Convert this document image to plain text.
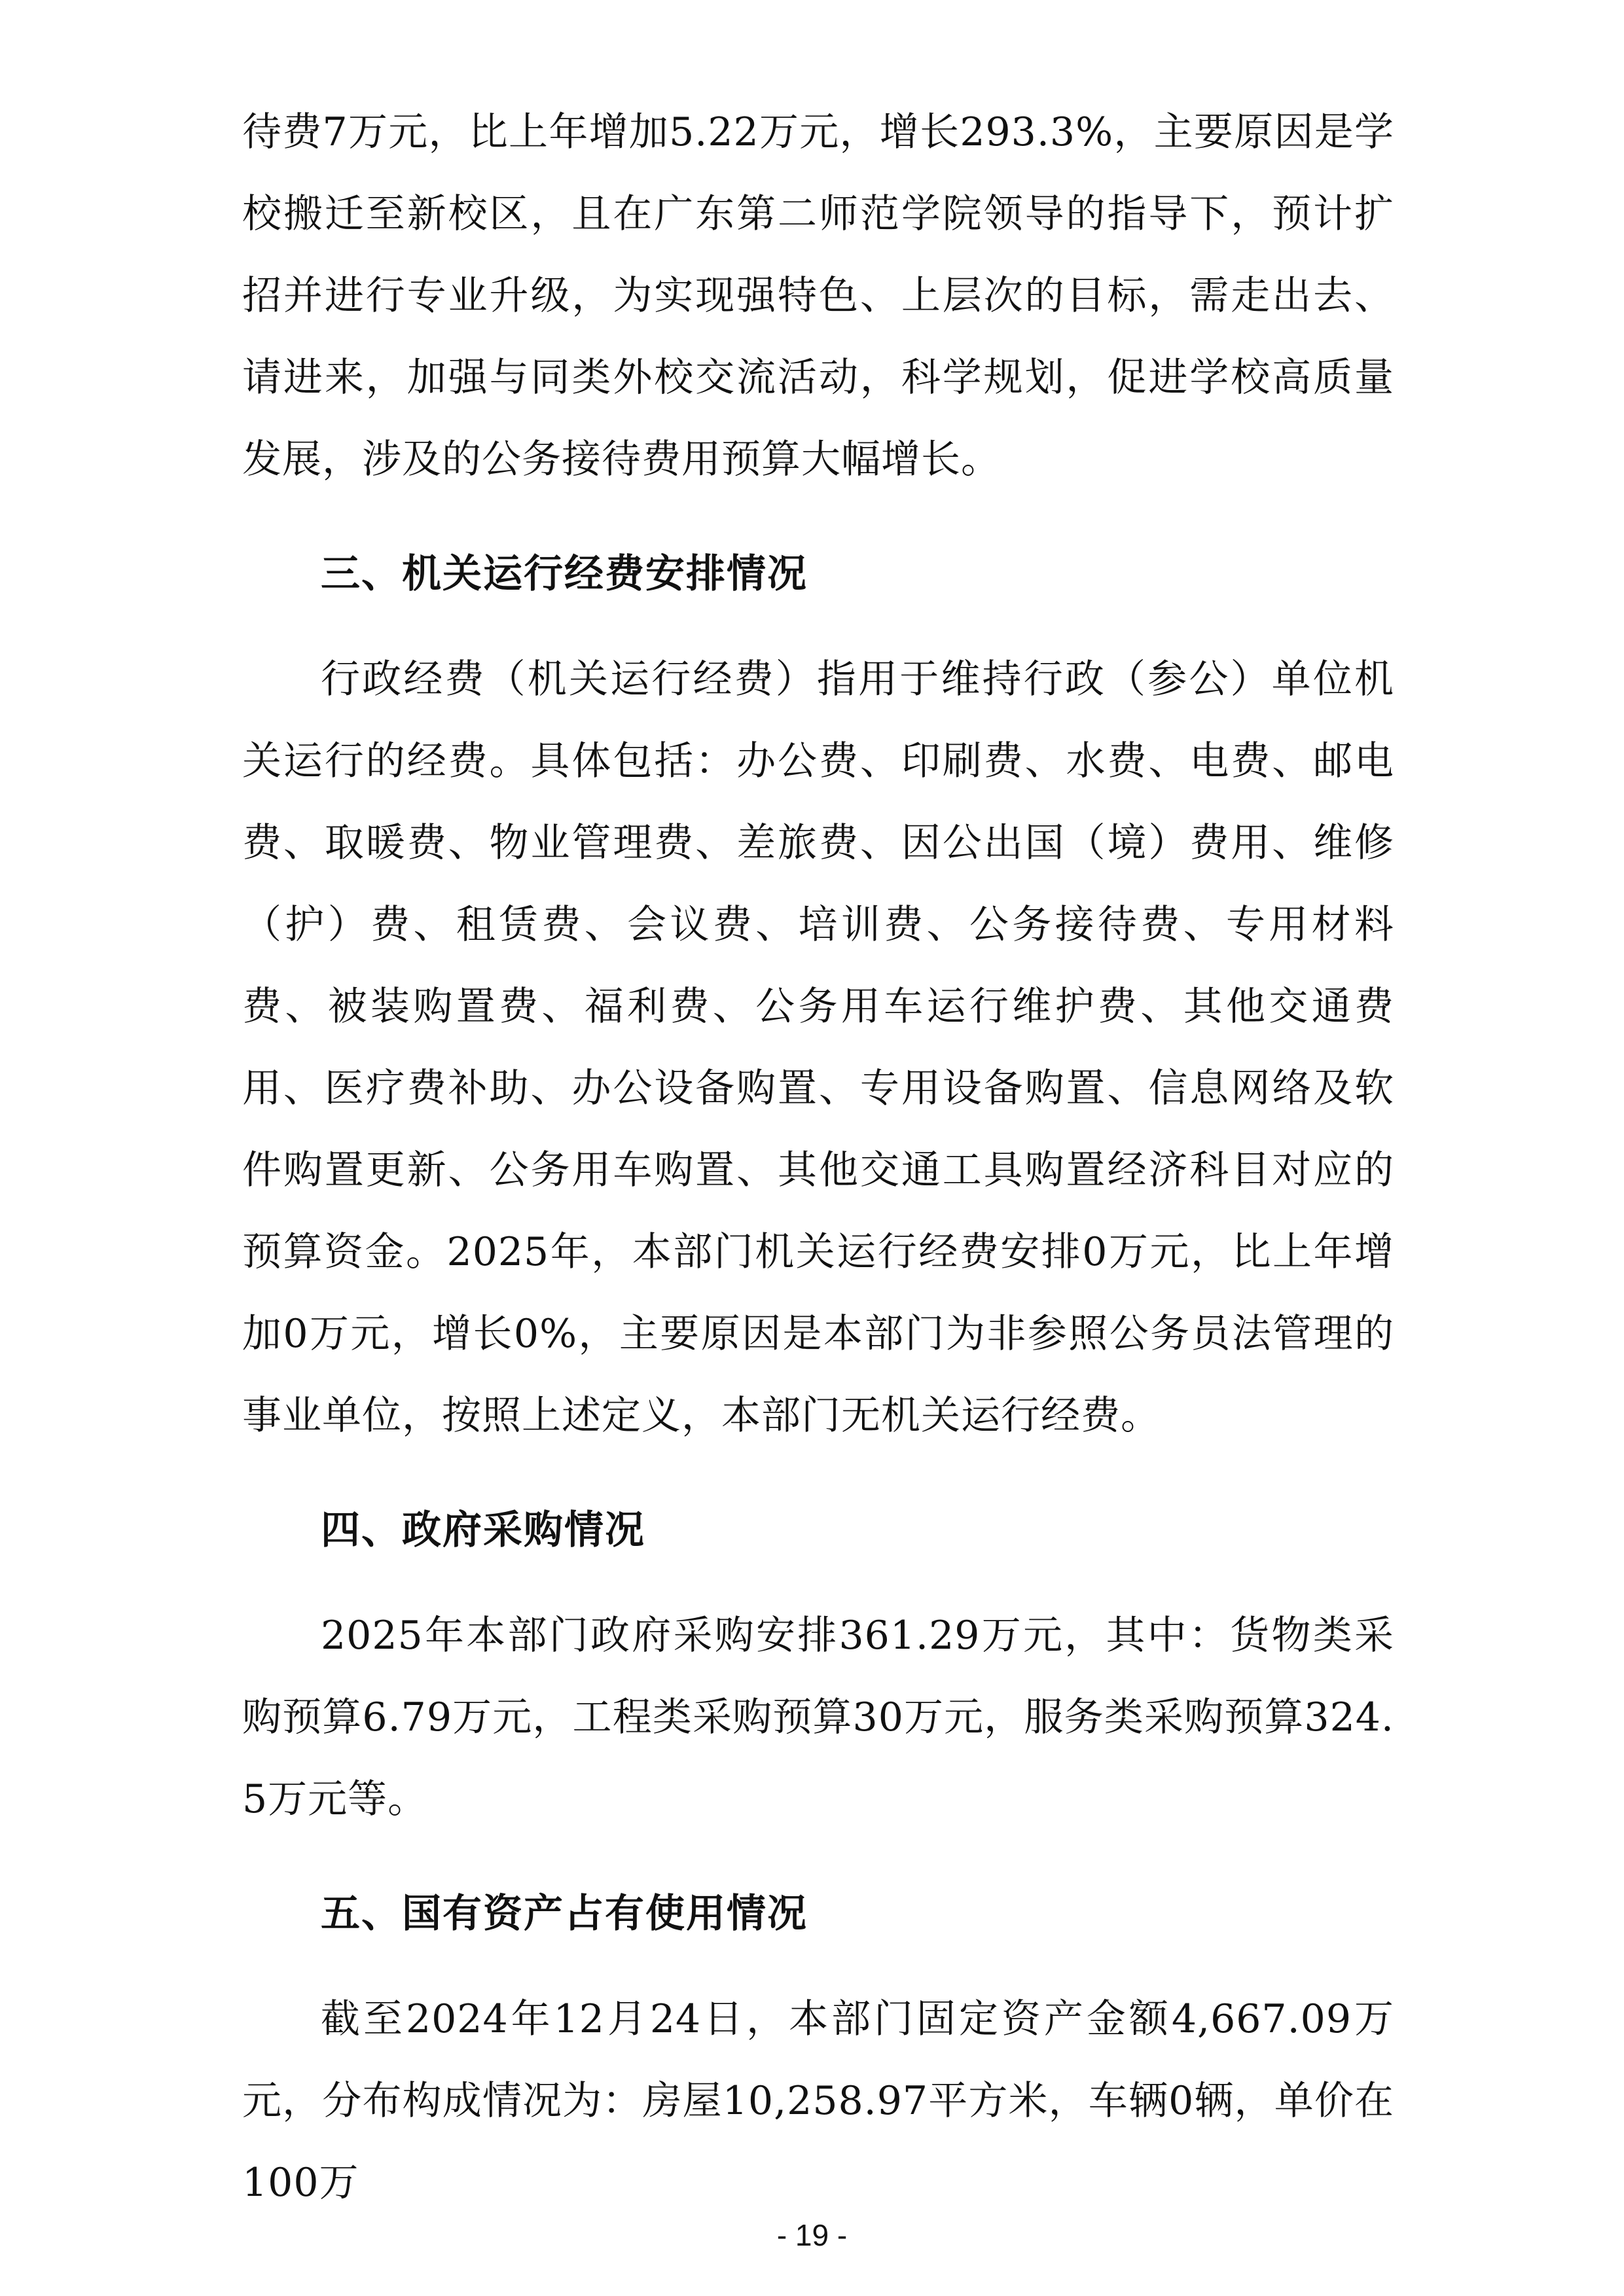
待费7万元，比上年增加5.22万元，增长293.3%，主要原因是学校搬迁至新校区，且在广东第二师范学院领导的指导下，预计扩招并进行专业升级，为实现强特色、上层次的目标，需走出去、请进来，加强与同类外校交流活动，科学规划，促进学校高质量发展，涉及的公务接待费用预算大幅增长。

三、机关运行经费安排情况

行政经费（机关运行经费）指用于维持行政（参公）单位机关运行的经费。具体包括：办公费、印刷费、水费、电费、邮电费、取暖费、物业管理费、差旅费、因公出国（境）费用、维修（护）费、租赁费、会议费、培训费、公务接待费、专用材料费、被装购置费、福利费、公务用车运行维护费、其他交通费用、医疗费补助、办公设备购置、专用设备购置、信息网络及软件购置更新、公务用车购置、其他交通工具购置经济科目对应的预算资金。2025年，本部门机关运行经费安排0万元，比上年增加0万元，增长0%，主要原因是本部门为非参照公务员法管理的事业单位，按照上述定义，本部门无机关运行经费。

四、政府采购情况

2025年本部门政府采购安排361.29万元，其中：货物类采购预算6.79万元，工程类采购预算30万元，服务类采购预算324.5万元等。

五、国有资产占有使用情况

截至2024年12月24日，本部门固定资产金额4,667.09万元，分布构成情况为：房屋10,258.97平方米，车辆0辆，单价在100万

- 19 -
